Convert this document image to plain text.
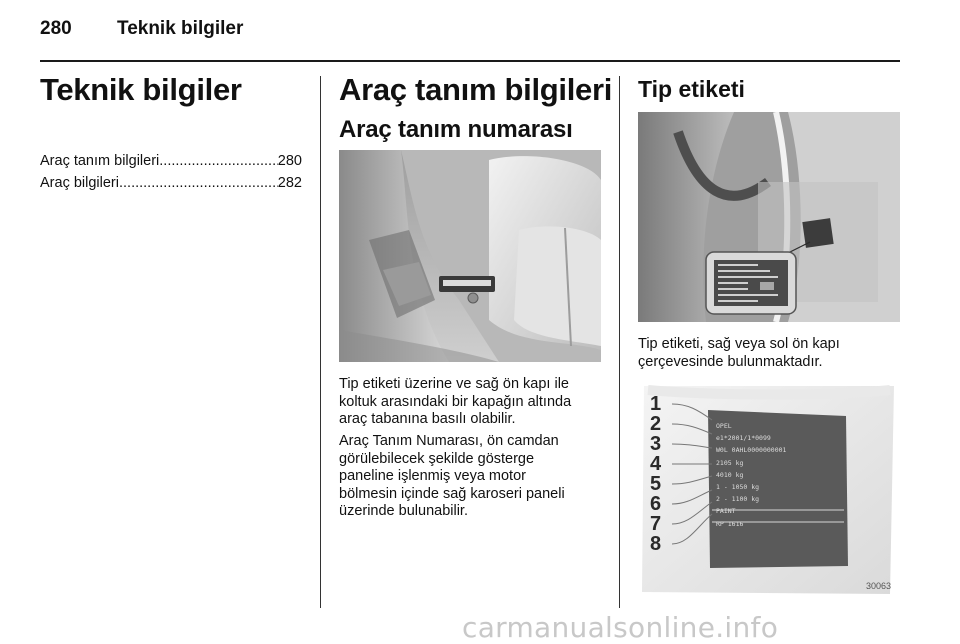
280 Teknik bilgiler
Teknik bilgiler
Araç tanım bilgileri .....	280
Araç bilgileri .....	282
Araç tanım bilgileri
Araç tanım numarası
Tip etiketi üzerine ve sağ ön kapı ile
koltuk arasındaki bir kapağın altında
araç tabanına basılı olabilir.
Araç Tanım Numarası, ön camdan
görülebilecek şekilde gösterge
paneline işlenmiş veya motor
bölmesin içinde sağ karoseri paneli
üzerinde bulunabilir.
Tip etiketi
Tip etiketi, sağ veya sol ön kapı
çerçevesinde bulunmaktadır.
1
2
3
4
5
6
7
8
OPEL
e1*2001/1*0099
W0L 0AHL0000000001
2105 kg
4010 kg
1 - 1050 kg
2 - 1100 kg
PAINT
RP 1616
30063
carmanualsonline.info
